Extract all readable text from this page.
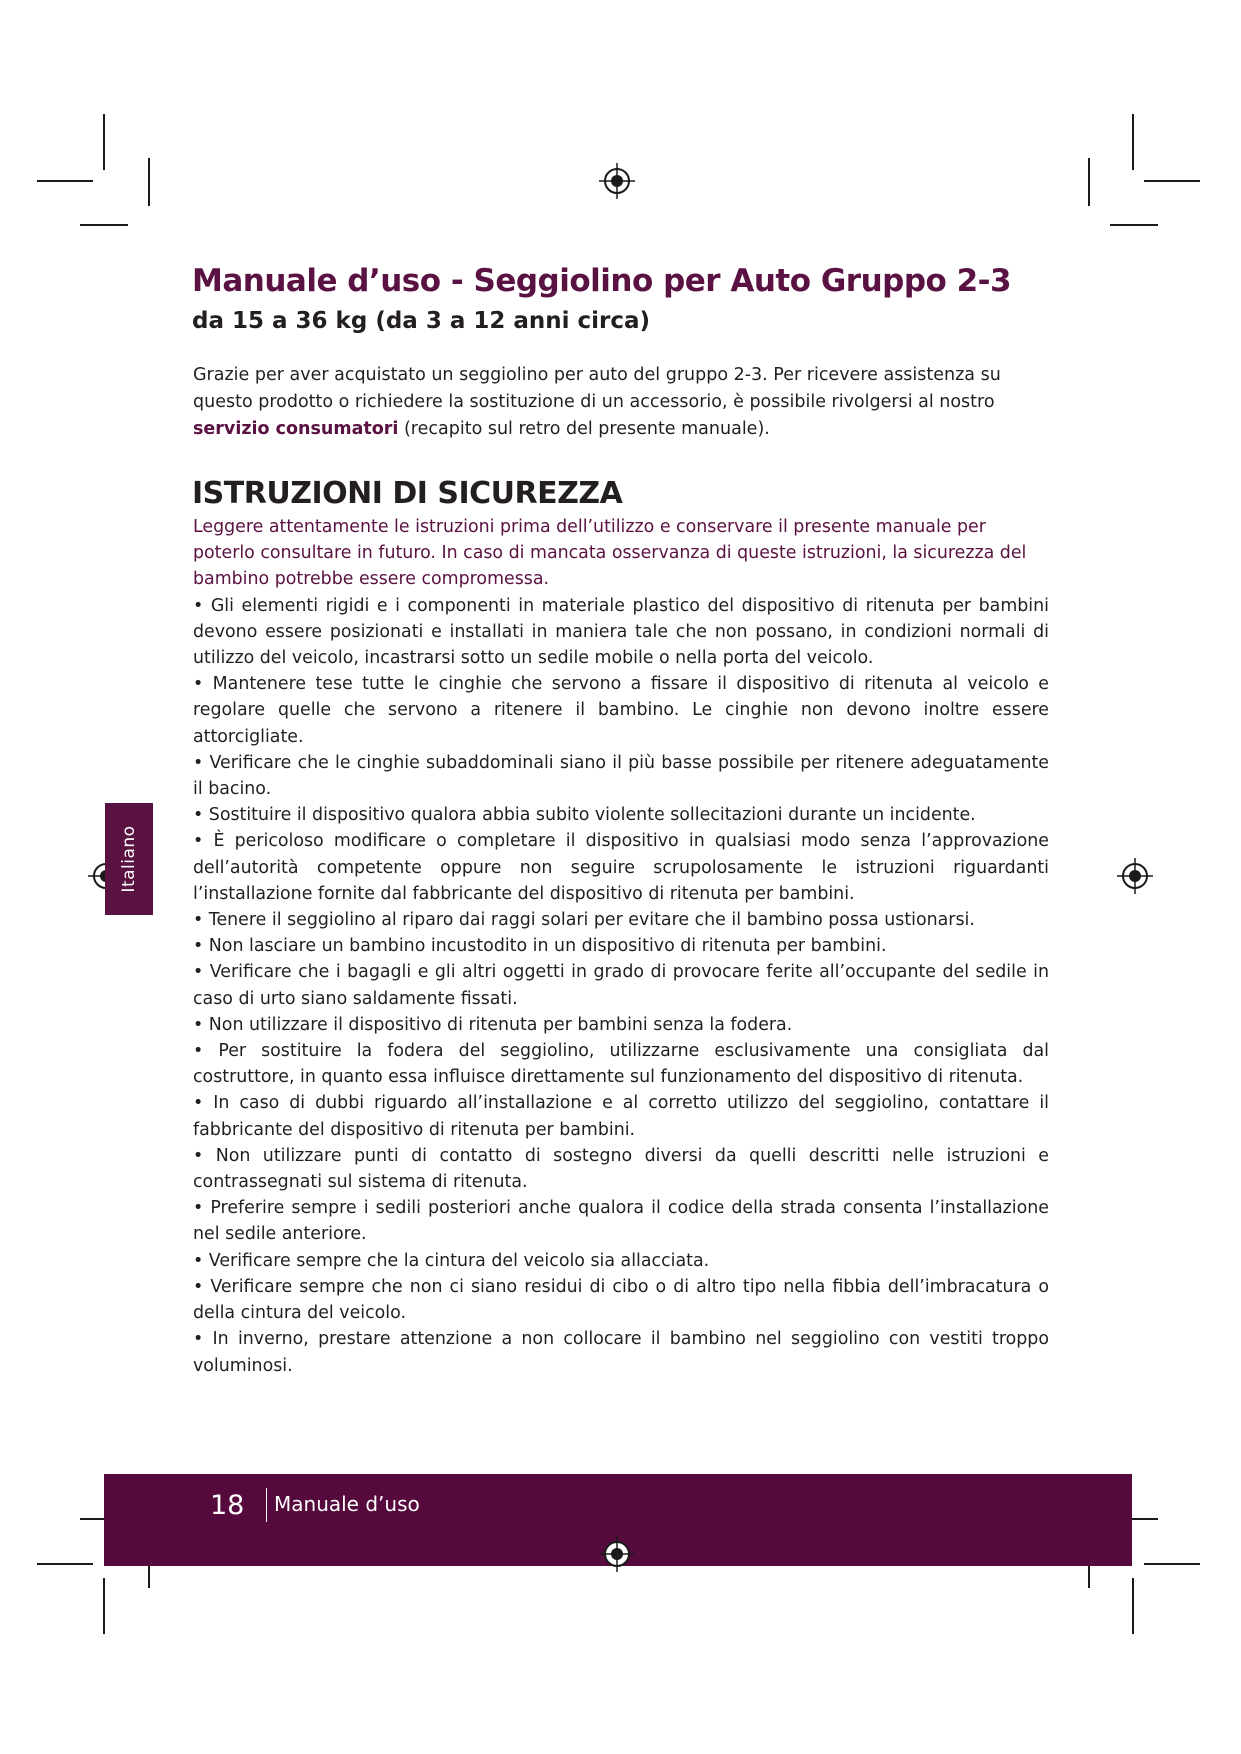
Manuale d’uso - Seggiolino per Auto Gruppo 2-3
da 15 a 36 kg (da 3 a 12 anni circa)

Grazie per aver acquistato un seggiolino per auto del gruppo 2-3. Per ricevere assistenza su questo prodotto o richiedere la sostituzione di un accessorio, è possibile rivolgersi al nostro servizio consumatori (recapito sul retro del presente manuale).

ISTRUZIONI DI SICUREZZA

Leggere attentamente le istruzioni prima dell’utilizzo e conservare il presente manuale per poterlo consultare in futuro. In caso di mancata osservanza di queste istruzioni, la sicurezza del bambino potrebbe essere compromessa.

• Gli elementi rigidi e i componenti in materiale plastico del dispositivo di ritenuta per bambini devono essere posizionati e installati in maniera tale che non possano, in condizioni normali di utilizzo del veicolo, incastrarsi sotto un sedile mobile o nella porta del veicolo.
• Mantenere tese tutte le cinghie che servono a fissare il dispositivo di ritenuta al veicolo e regolare quelle che servono a ritenere il bambino. Le cinghie non devono inoltre essere attorcigliate.
• Verificare che le cinghie subaddominali siano il più basse possibile per ritenere adeguatamente il bacino.
• Sostituire il dispositivo qualora abbia subito violente sollecitazioni durante un incidente.
• È pericoloso modificare o completare il dispositivo in qualsiasi modo senza l’approvazione dell’autorità competente oppure non seguire scrupolosamente le istruzioni riguardanti l’installazione fornite dal fabbricante del dispositivo di ritenuta per bambini.
• Tenere il seggiolino al riparo dai raggi solari per evitare che il bambino possa ustionarsi.
• Non lasciare un bambino incustodito in un dispositivo di ritenuta per bambini.
• Verificare che i bagagli e gli altri oggetti in grado di provocare ferite all’occupante del sedile in caso di urto siano saldamente fissati.
• Non utilizzare il dispositivo di ritenuta per bambini senza la fodera.
• Per sostituire la fodera del seggiolino, utilizzarne esclusivamente una consigliata dal costruttore, in quanto essa influisce direttamente sul funzionamento del dispositivo di ritenuta.
• In caso di dubbi riguardo all’installazione e al corretto utilizzo del seggiolino, contattare il fabbricante del dispositivo di ritenuta per bambini.
• Non utilizzare punti di contatto di sostegno diversi da quelli descritti nelle istruzioni e contrassegnati sul sistema di ritenuta.
• Preferire sempre i sedili posteriori anche qualora il codice della strada consenta l’installazione nel sedile anteriore.
• Verificare sempre che la cintura del veicolo sia allacciata.
• Verificare sempre che non ci siano residui di cibo o di altro tipo nella fibbia dell’imbracatura o della cintura del veicolo.
• In inverno, prestare attenzione a non collocare il bambino nel seggiolino con vestiti troppo voluminosi.
Italiano
18 Manuale d’uso
